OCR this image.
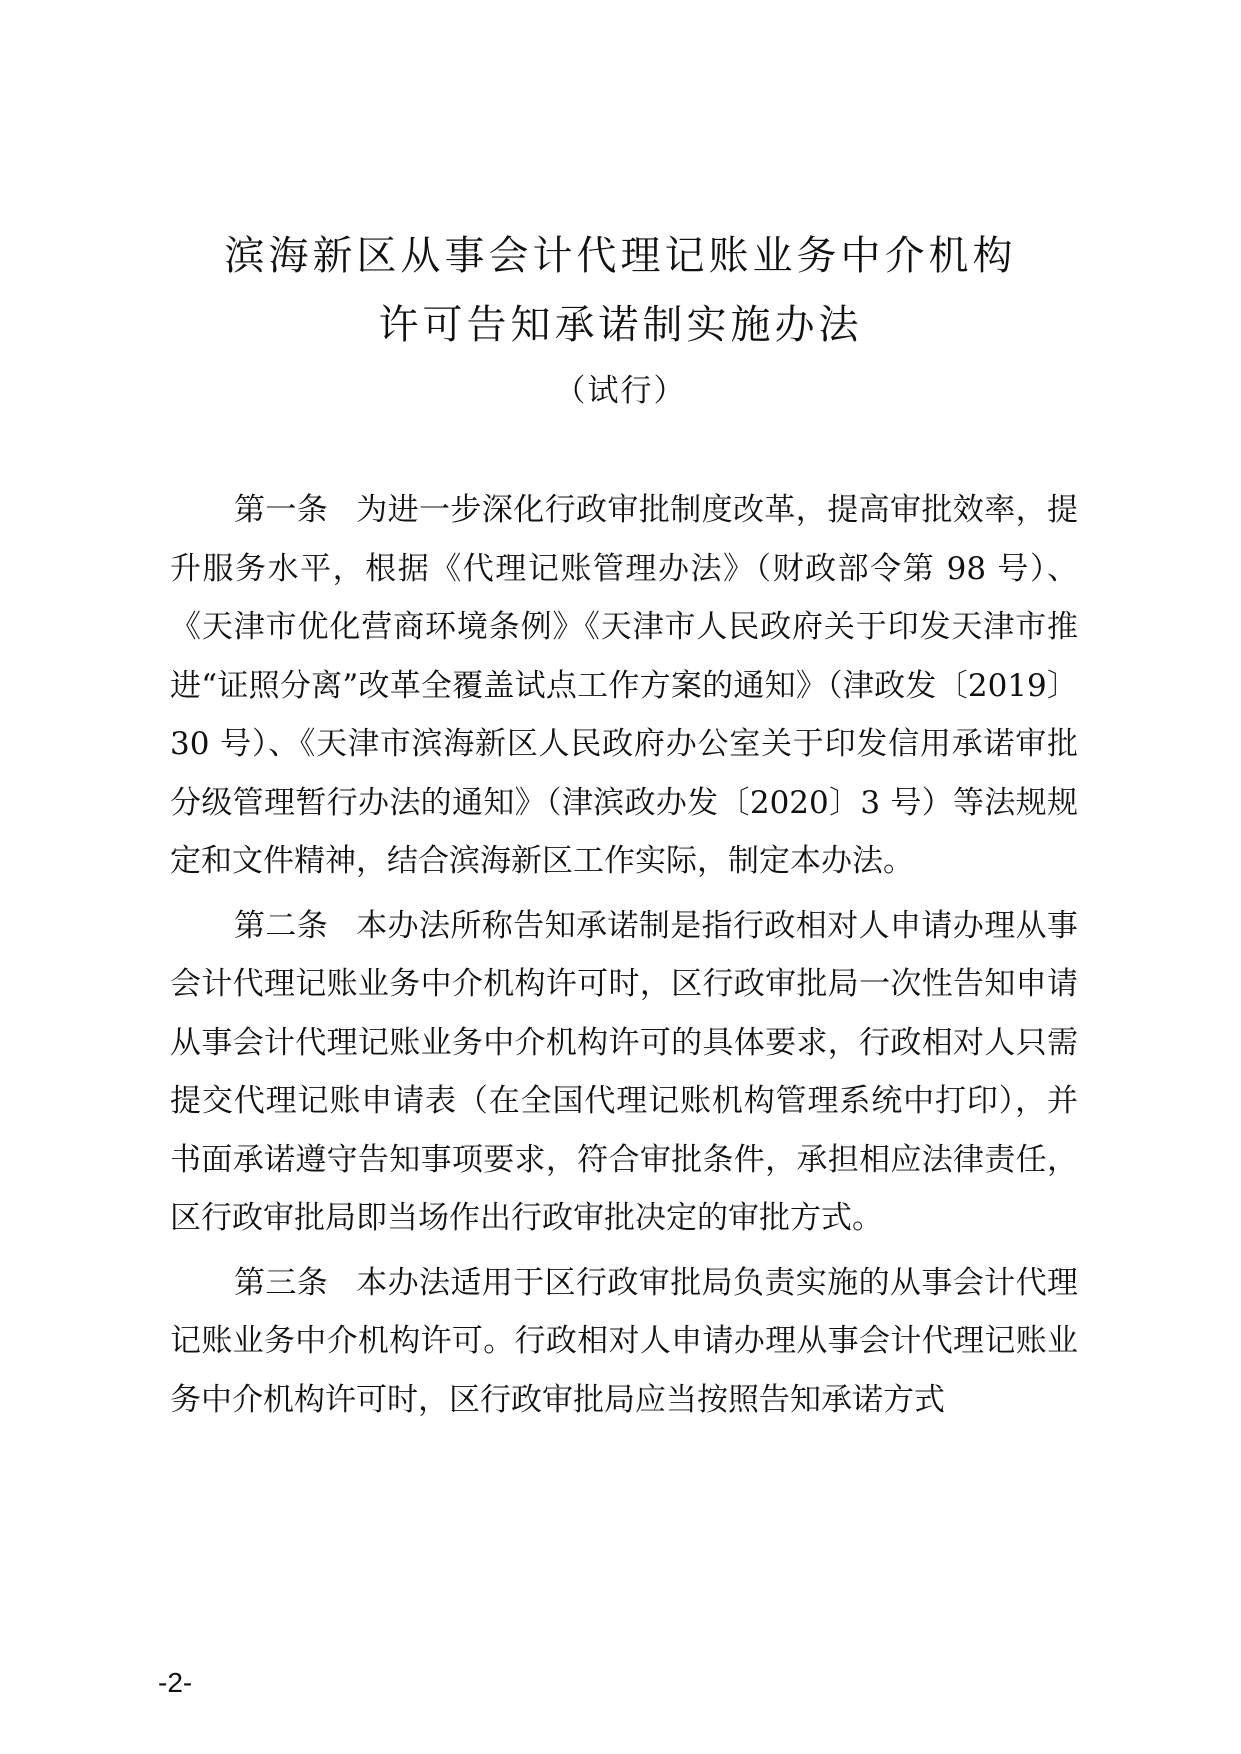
滨海新区从事会计代理记账业务中介机构
许可告知承诺制实施办法
（试行）

第一条 为进一步深化行政审批制度改革，提高审批效率，提升服务水平，根据《代理记账管理办法》（财政部令第 98 号）、《天津市优化营商环境条例》《天津市人民政府关于印发天津市推进“证照分离”改革全覆盖试点工作方案的通知》（津政发〔2019〕30 号）、《天津市滨海新区人民政府办公室关于印发信用承诺审批分级管理暂行办法的通知》（津滨政办发〔2020〕3 号）等法规规定和文件精神，结合滨海新区工作实际，制定本办法。

第二条 本办法所称告知承诺制是指行政相对人申请办理从事会计代理记账业务中介机构许可时，区行政审批局一次性告知申请从事会计代理记账业务中介机构许可的具体要求，行政相对人只需提交代理记账申请表（在全国代理记账机构管理系统中打印），并书面承诺遵守告知事项要求，符合审批条件，承担相应法律责任，区行政审批局即当场作出行政审批决定的审批方式。

第三条 本办法适用于区行政审批局负责实施的从事会计代理记账业务中介机构许可。行政相对人申请办理从事会计代理记账业务中介机构许可时，区行政审批局应当按照告知承诺方式

-2-
